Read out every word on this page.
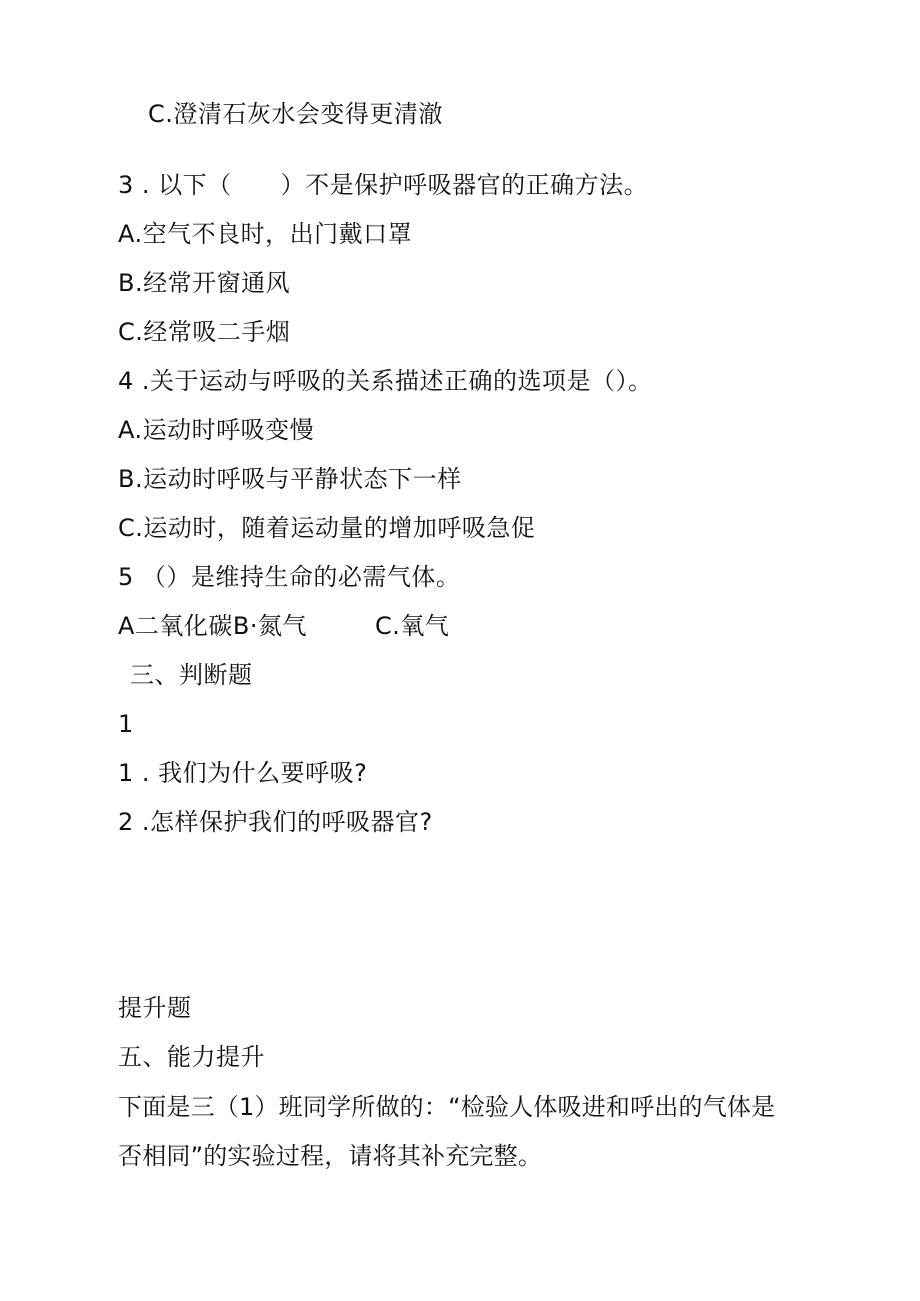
C.澄清石灰水会变得更清澈
3 . 以下（　　）不是保护呼吸器官的正确方法。
A.空气不良时，出门戴口罩
B.经常开窗通风
C.经常吸二手烟
4 .关于运动与呼吸的关系描述正确的选项是（）。
A.运动时呼吸变慢
B.运动时呼吸与平静状态下一样
C.运动时，随着运动量的增加呼吸急促
5 （）是维持生命的必需气体。
A二氧化碳B·氮气	C.氧气
三、判断题
1
1 . 我们为什么要呼吸?
2 .怎样保护我们的呼吸器官?
提升题
五、能力提升
下面是三（1）班同学所做的：“检验人体吸进和呼出的气体是
否相同”的实验过程，请将其补充完整。
